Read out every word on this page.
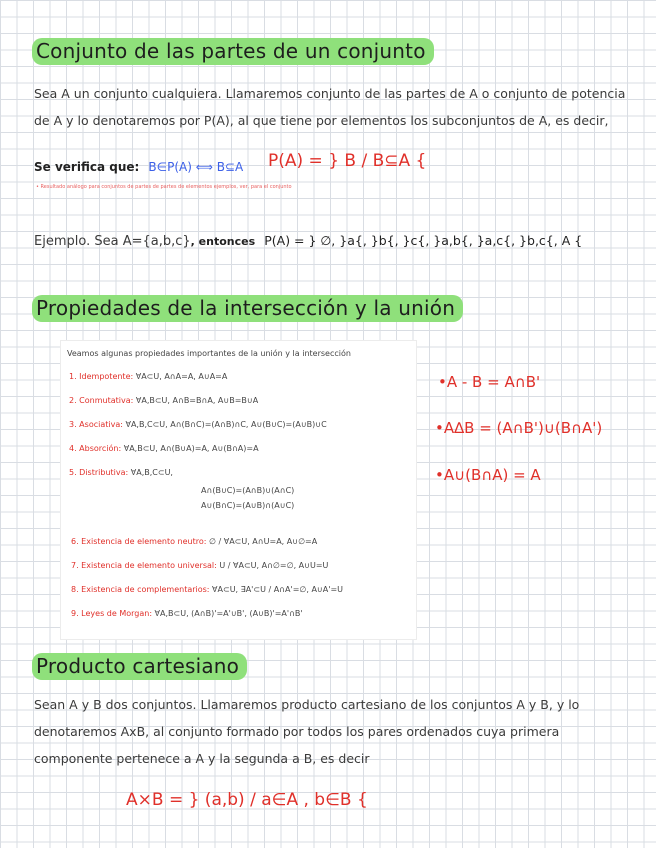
Conjunto de las partes de un conjunto
Sea A un conjunto cualquiera. Llamaremos conjunto de las partes de A o conjunto de potencia
de A y lo denotaremos por P(A), al que tiene por elementos los subconjuntos de A, es decir,
Se verifica que: B∈P(A) ⟺ B⊆A P(A) = } B / B⊆A {
• Resultado análogo para conjuntos de partes de partes de elementos ejemplos, ver, para el conjunto
Ejemplo. Sea A={a,b,c}, entonces P(A) = } ∅, }a{, }b{, }c{, }a,b{, }a,c{, }b,c{, A {
Propiedades de la intersección y la unión
Veamos algunas propiedades importantes de la unión y la intersección
1. Idempotente: ∀A⊂U, A∩A=A, A∪A=A
2. Conmutativa: ∀A,B⊂U, A∩B=B∩A, A∪B=B∪A
3. Asociativa: ∀A,B,C⊂U, A∩(B∩C)=(A∩B)∩C, A∪(B∪C)=(A∪B)∪C
4. Absorción: ∀A,B⊂U, A∩(B∪A)=A, A∪(B∩A)=A
5. Distributiva: ∀A,B,C⊂U,
A∩(B∪C)=(A∩B)∪(A∩C)
A∪(B∩C)=(A∪B)∩(A∪C)
6. Existencia de elemento neutro: ∅ / ∀A⊂U, A∩U=A, A∪∅=A
7. Existencia de elemento universal: U / ∀A⊂U, A∩∅=∅, A∪U=U
8. Existencia de complementarios: ∀A⊂U, ∃A'⊂U / A∩A'=∅, A∪A'=U
9. Leyes de Morgan: ∀A,B⊂U, (A∩B)'=A'∪B', (A∪B)'=A'∩B'
•A - B = A∩B'
•A∆B = (A∩B')∪(B∩A')
•A∪(B∩A) = A
Producto cartesiano
Sean A y B dos conjuntos. Llamaremos producto cartesiano de los conjuntos A y B, y lo
denotaremos AxB, al conjunto formado por todos los pares ordenados cuya primera
componente pertenece a A y la segunda a B, es decir
A×B = } (a,b) / a∈A , b∈B {
